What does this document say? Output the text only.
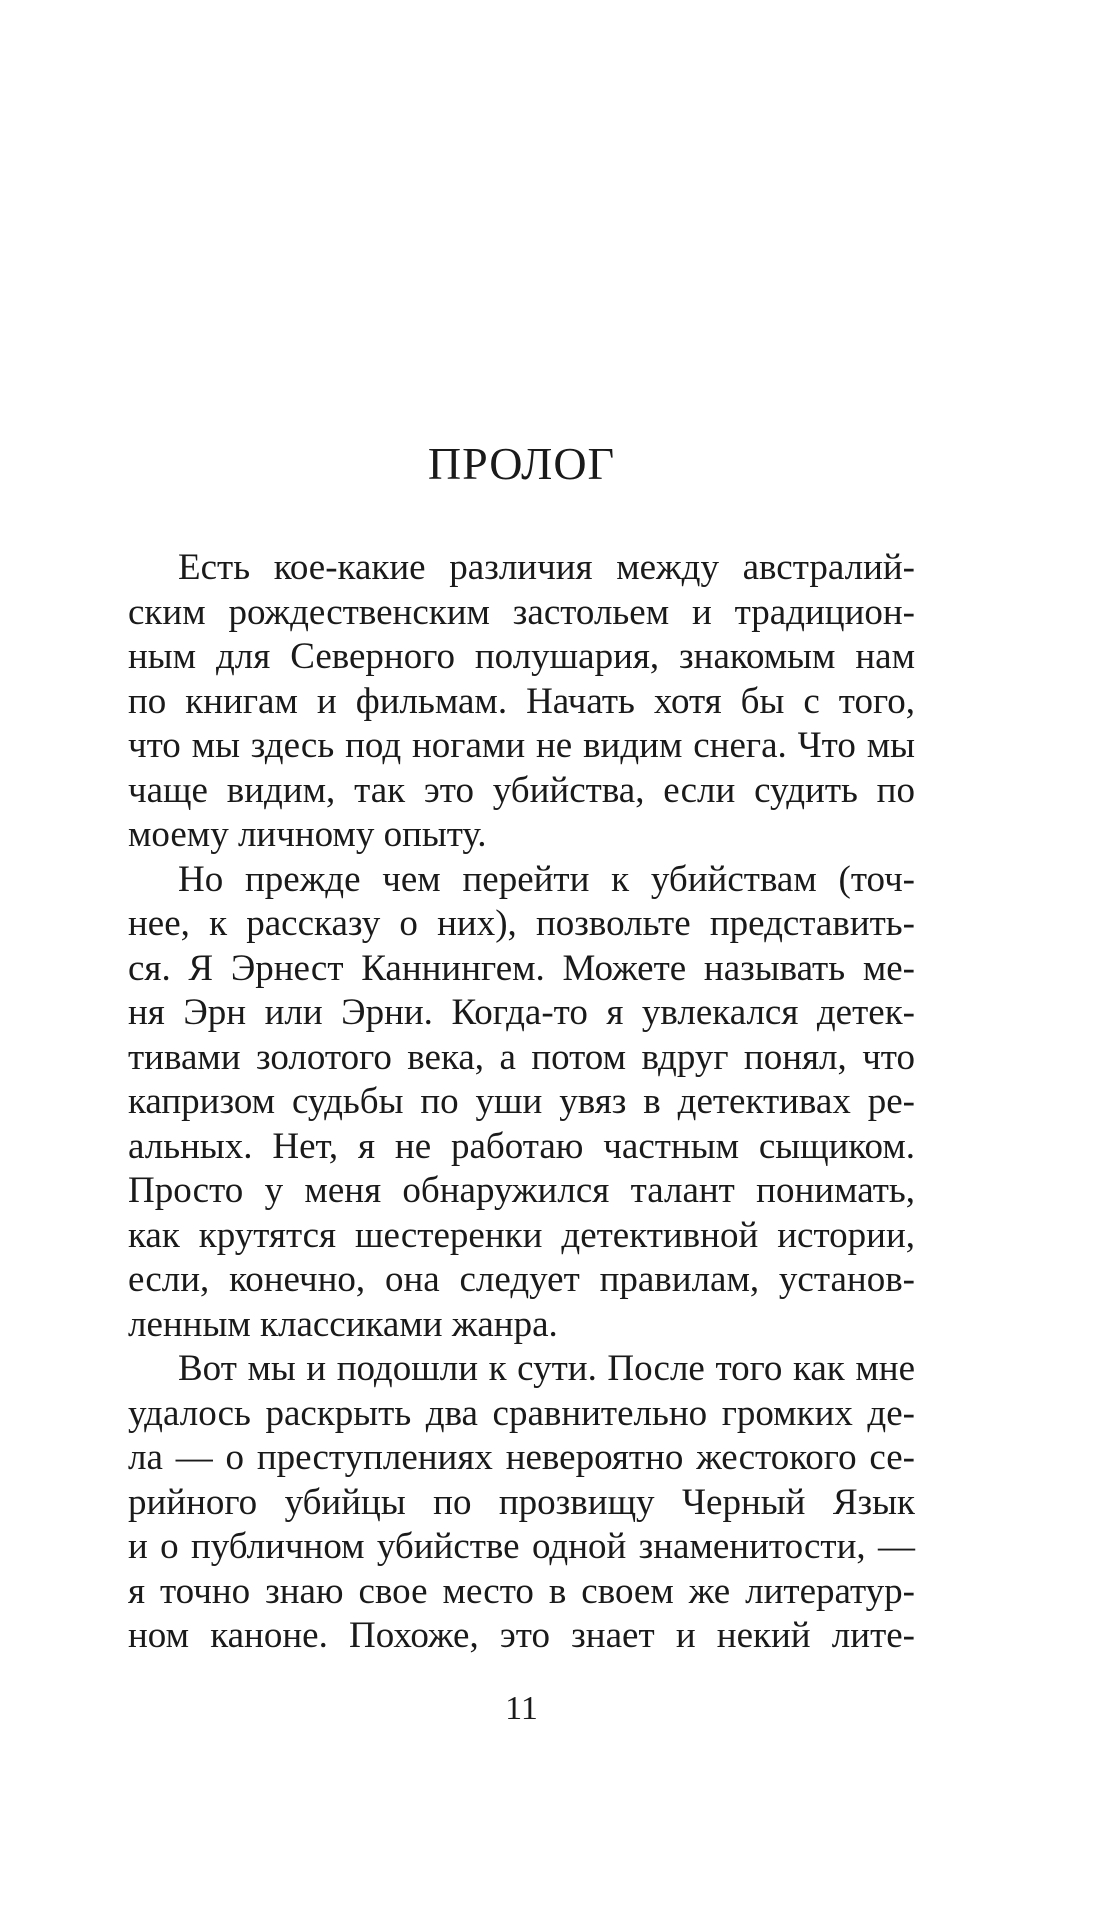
ПРОЛОГ
Есть кое-какие различия между австралий-
ским рождественским застольем и традицион-
ным для Северного полушария, знакомым нам
по книгам и фильмам. Начать хотя бы с того,
что мы здесь под ногами не видим снега. Что мы
чаще видим, так это убийства, если судить по
моему личному опыту.
Но прежде чем перейти к убийствам (точ-
нее, к рассказу о них), позвольте представить-
ся. Я Эрнест Каннингем. Можете называть ме-
ня Эрн или Эрни. Когда-то я увлекался детек-
тивами золотого века, а потом вдруг понял, что
капризом судьбы по уши увяз в детективах ре-
альных. Нет, я не работаю частным сыщиком.
Просто у меня обнаружился талант понимать,
как крутятся шестеренки детективной истории,
если, конечно, она следует правилам, установ-
ленным классиками жанра.
Вот мы и подошли к сути. После того как мне
удалось раскрыть два сравнительно громких де-
ла — о преступлениях невероятно жестокого се-
рийного убийцы по прозвищу Черный Язык
и о публичном убийстве одной знаменитости, —
я точно знаю свое место в своем же литератур-
ном каноне. Похоже, это знает и некий лите-
11
